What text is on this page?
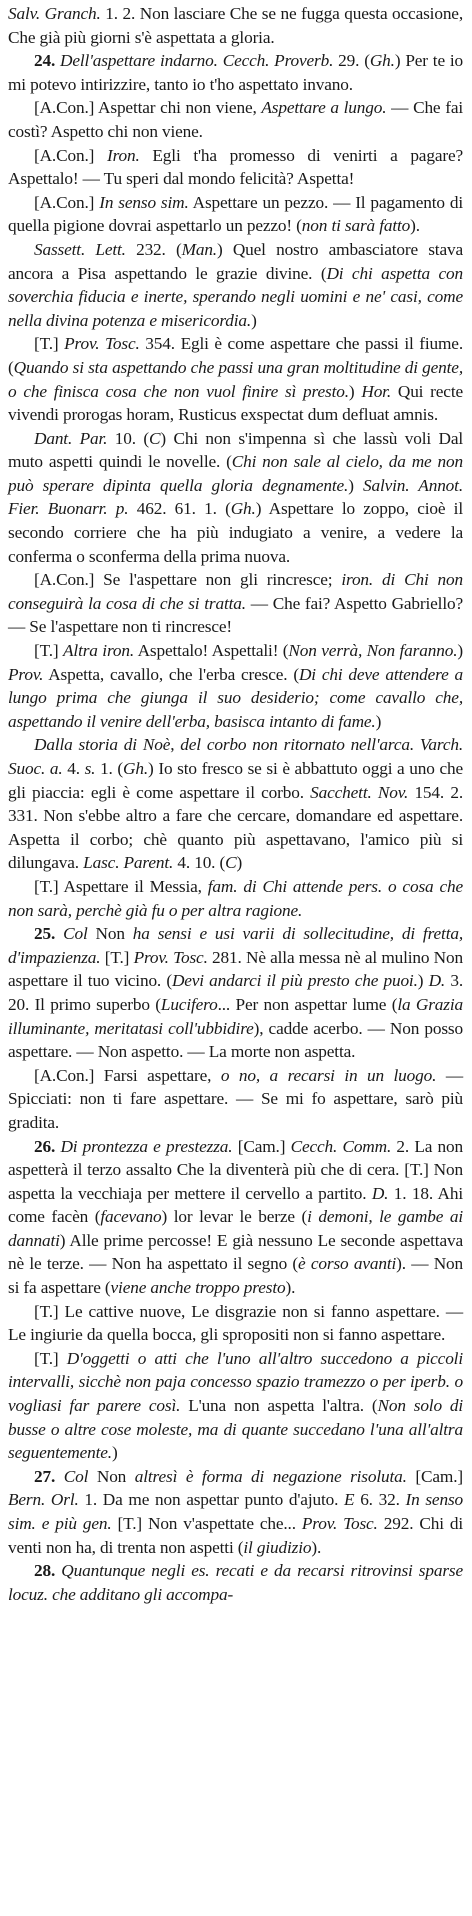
Salv. Granch. 1. 2. Non lasciare Che se ne fugga questa occasione, Che già più giorni s'è aspettata a gloria.

24. Dell'aspettare indarno. Cecch. Proverb. 29. (Gh.) Per te io mi potevo intirizzire, tanto io t'ho aspettato invano.

[A.Con.] Aspettar chi non viene, Aspettare a lungo. — Che fai costì? Aspetto chi non viene.

[A.Con.] Iron. Egli t'ha promesso di venirti a pagare? Aspettalo! — Tu speri dal mondo felicità? Aspetta!

[A.Con.] In senso sim. Aspettare un pezzo. — Il pagamento di quella pigione dovrai aspettarlo un pezzo! (non ti sarà fatto).

Sassett. Lett. 232. (Man.) Quel nostro ambasciatore stava ancora a Pisa aspettando le grazie divine. (Di chi aspetta con soverchia fiducia e inerte, sperando negli uomini e ne' casi, come nella divina potenza e misericordia.)

[T.] Prov. Tosc. 354. Egli è come aspettare che passi il fiume. (Quando si sta aspettando che passi una gran moltitudine di gente, o che finisca cosa che non vuol finire sì presto.) Hor. Qui recte vivendi prorogas horam, Rusticus exspectat dum defluat amnis.

Dant. Par. 10. (C) Chi non s'impenna sì che lassù voli Dal muto aspetti quindi le novelle. (Chi non sale al cielo, da me non può sperare dipinta quella gloria degnamente.) Salvin. Annot. Fier. Buonarr. p. 462. 61. 1. (Gh.) Aspettare lo zoppo, cioè il secondo corriere che ha più indugiato a venire, a vedere la conferma o sconferma della prima nuova.

[A.Con.] Se l'aspettare non gli rincresce; iron. di Chi non conseguirà la cosa di che si tratta. — Che fai? Aspetto Gabriello? — Se l'aspettare non ti rincresce!

[T.] Altra iron. Aspettalo! Aspettali! (Non verrà, Non faranno.) Prov. Aspetta, cavallo, che l'erba cresce. (Di chi deve attendere a lungo prima che giunga il suo desiderio; come cavallo che, aspettando il venire dell'erba, basisca intanto di fame.)

Dalla storia di Noè, del corbo non ritornato nell'arca. Varch. Suoc. a. 4. s. 1. (Gh.) Io sto fresco se si è abbattuto oggi a uno che gli piaccia: egli è come aspettare il corbo. Sacchett. Nov. 154. 2. 331. Non s'ebbe altro a fare che cercare, domandare ed aspettare. Aspetta il corbo; chè quanto più aspettavano, l'amico più si dilungava. Lasc. Parent. 4. 10. (C)

[T.] Aspettare il Messia, fam. di Chi attende pers. o cosa che non sarà, perchè già fu o per altra ragione.

25. Col Non ha sensi e usi varii di sollecitudine, di fretta, d'impazienza. [T.] Prov. Tosc. 281. Nè alla messa nè al mulino Non aspettare il tuo vicino. (Devi andarci il più presto che puoi.) D. 3. 20. Il primo superbo (Lucifero... Per non aspettar lume (la Grazia illuminante, meritatasi coll'ubbidire), cadde acerbo. — Non posso aspettare. — Non aspetto. — La morte non aspetta.

[A.Con.] Farsi aspettare, o no, a recarsi in un luogo. — Spicciati: non ti fare aspettare. — Se mi fo aspettare, sarò più gradita.

26. Di prontezza e prestezza. [Cam.] Cecch. Comm. 2. La non aspetterà il terzo assalto Che la diventerà più che di cera. [T.] Non aspetta la vecchiaja per mettere il cervello a partito. D. 1. 18. Ahi come facèn (facevano) lor levar le berze (i demoni, le gambe ai dannati) Alle prime percosse! E già nessuno Le seconde aspettava nè le terze. — Non ha aspettato il segno (è corso avanti). — Non si fa aspettare (viene anche troppo presto).

[T.] Le cattive nuove, Le disgrazie non si fanno aspettare. — Le ingiurie da quella bocca, gli spropositi non si fanno aspettare.

[T.] D'oggetti o atti che l'uno all'altro succedono a piccoli intervalli, sicchè non paja concesso spazio tramezzo o per iperb. o vogliasi far parere così. L'una non aspetta l'altra. (Non solo di busse o altre cose moleste, ma di quante succedano l'una all'altra seguentemente.)

27. Col Non altresì è forma di negazione risoluta. [Cam.] Bern. Orl. 1. Da me non aspettar punto d'ajuto. E 6. 32. In senso sim. e più gen. [T.] Non v'aspettate che... Prov. Tosc. 292. Chi di venti non ha, di trenta non aspetti (il giudizio).

28. Quantunque negli es. recati e da recarsi ritrovinsi sparse locuz. che additano gli accompa-
